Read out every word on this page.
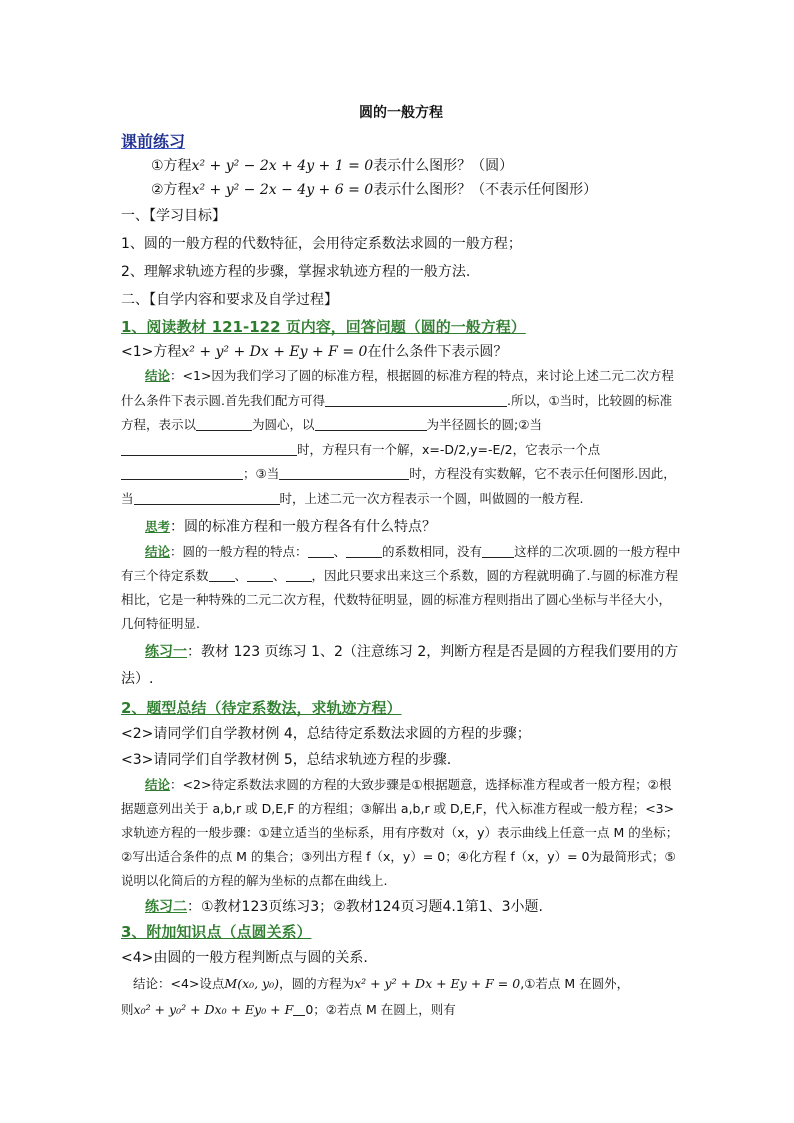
圆的一般方程
课前练习
①方程x² + y² − 2x + 4y + 1 = 0表示什么图形？（圆）
②方程x² + y² − 2x − 4y + 6 = 0表示什么图形？（不表示任何图形）
一、【学习目标】
1、圆的一般方程的代数特征，会用待定系数法求圆的一般方程；
2、理解求轨迹方程的步骤，掌握求轨迹方程的一般方法.
二、【自学内容和要求及自学过程】
1、阅读教材 121-122 页内容，回答问题（圆的一般方程）
<1>方程x² + y² + Dx + Ey + F = 0在什么条件下表示圆？
结论：<1>因为我们学习了圆的标准方程，根据圆的标准方程的特点，来讨论上述二元二次方程什么条件下表示圆.首先我们配方可得	.所以，①当时，比较圆的标准方程，表示以	为圆心，以	为半径圆长的圆;②当时，方程只有一个解，x=-D/2,y=-E/2，它表示一个点；③当	时，方程没有实数解，它不表示任何图形.因此，当	时，上述二元一次方程表示一个圆，叫做圆的一般方程.
思考：圆的标准方程和一般方程各有什么特点？
结论：圆的一般方程的特点： 、	的系数相同，没有	这样的二次项.圆的一般方程中有三个待定系数 、 、 ，因此只要求出来这三个系数，圆的方程就明确了.与圆的标准方程相比，它是一种特殊的二元二次方程，代数特征明显，圆的标准方程则指出了圆心坐标与半径大小，几何特征明显.
练习一：教材 123 页练习 1、2（注意练习 2，判断方程是否是圆的方程我们要用的方法）.
2、题型总结（待定系数法，求轨迹方程）
<2>请同学们自学教材例 4，总结待定系数法求圆的方程的步骤；
<3>请同学们自学教材例 5，总结求轨迹方程的步骤.
结论：<2>待定系数法求圆的方程的大致步骤是①根据题意，选择标准方程或者一般方程；②根据题意列出关于 a,b,r 或 D,E,F 的方程组；③解出 a,b,r 或 D,E,F，代入标准方程或一般方程；<3>求轨迹方程的一般步骤：①建立适当的坐标系，用有序数对（x，y）表示曲线上任意一点 M 的坐标；②写出适合条件的点 M 的集合；③列出方程 f（x，y）= 0；④化方程 f（x，y）= 0为最简形式；⑤说明以化简后的方程的解为坐标的点都在曲线上.
练习二：①教材123页练习3；②教材124页习题4.1第1、3小题.
3、附加知识点（点圆关系）
<4>由圆的一般方程判断点与圆的关系.
结论：<4>设点M(x₀, y₀)，圆的方程为x² + y² + Dx + Ey + F = 0,①若点 M 在圆外，
则x₀² + y₀² + Dx₀ + Ey₀ + F 0；②若点 M 在圆上，则有
